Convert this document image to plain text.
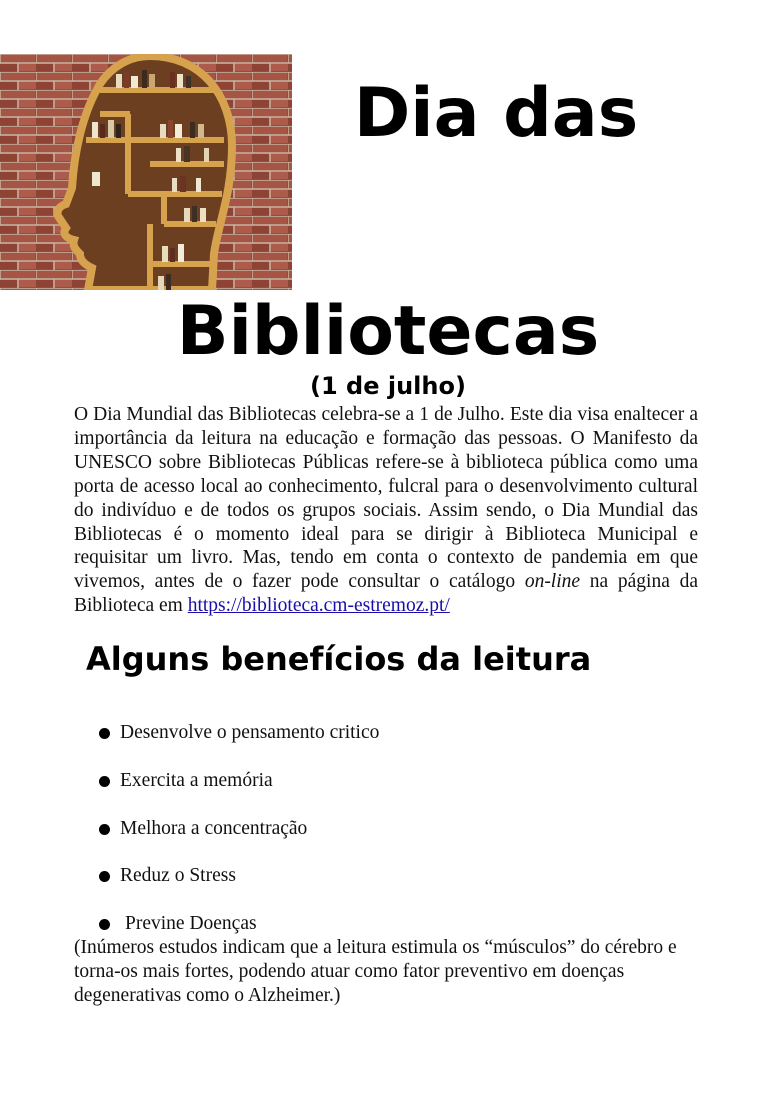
Dia das
Bibliotecas
(1 de julho)

O Dia Mundial das Bibliotecas celebra-se a 1 de Julho. Este dia visa enaltecer a importância da leitura na educação e formação das pessoas. O Manifesto da UNESCO sobre Bibliotecas Públicas refere-se à biblioteca pública como uma porta de acesso local ao conhecimento, fulcral para o desenvolvimento cultural do indivíduo e de todos os grupos sociais. Assim sendo, o Dia Mundial das Bibliotecas é o momento ideal para se dirigir à Biblioteca Municipal e requisitar um livro. Mas, tendo em conta o contexto de pandemia em que vivemos, antes de o fazer pode consultar o catálogo on-line na página da Biblioteca em https://biblioteca.cm-estremoz.pt/

Alguns benefícios da leitura
Desenvolve o pensamento critico
Exercita a memória
Melhora a concentração
Reduz o Stress
Previne Doenças

(Inúmeros estudos indicam que a leitura estimula os “músculos” do cérebro e torna-os mais fortes, podendo atuar como fator preventivo em doenças degenerativas como o Alzheimer.)
